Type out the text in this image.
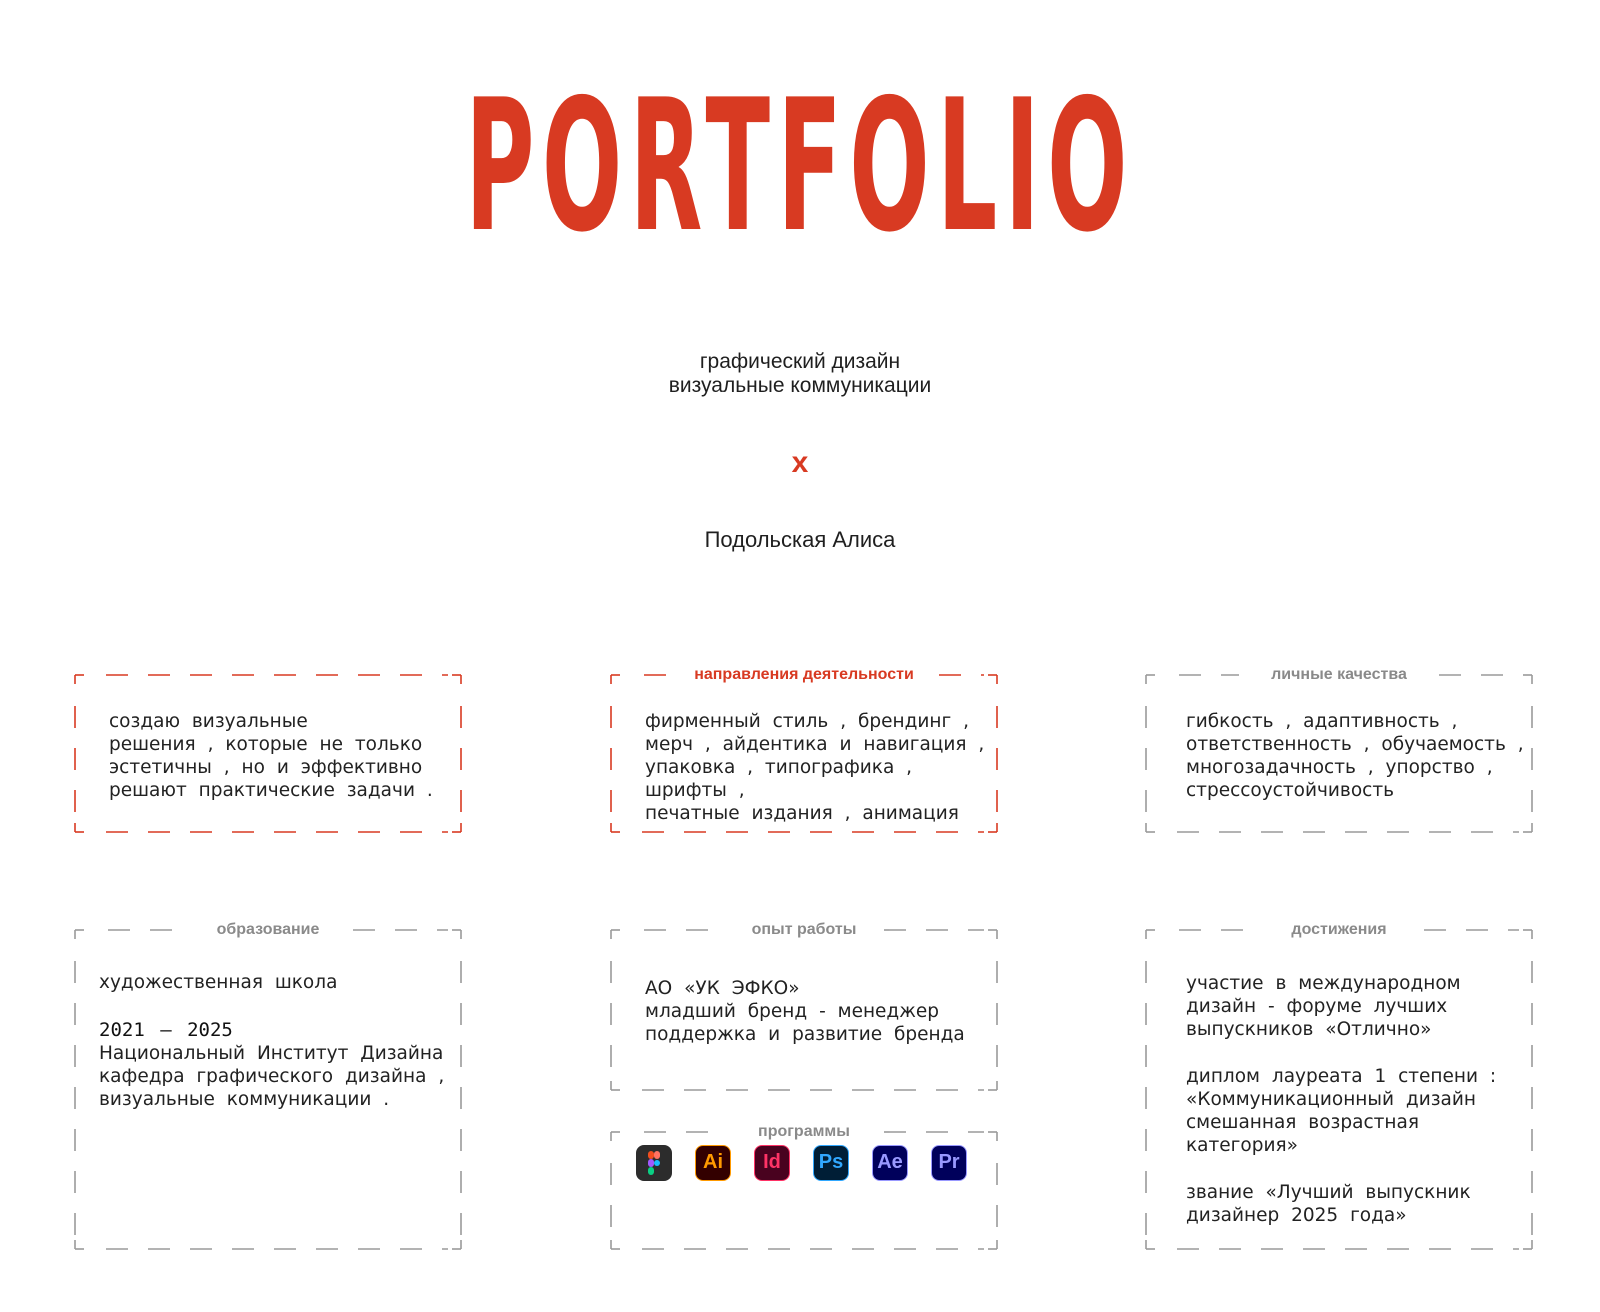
PORTFOLIO
графический дизайн
визуальные коммуникации
x
Подольская Алиса

создаю визуальные
решения , которые не только
эстетичны , но и эффективно
решают практические задачи .

направления деятельности

фирменный стиль , брендинг ,
мерч , айдентика и навигация ,
упаковка , типографика , шрифты ,
печатные издания , анимация

личные качества

гибкость , адаптивность ,
ответственность , обучаемость ,
многозадачность , упорство ,
стрессоустойчивость

образование
художественная школа
2021 — 2025

Национальный Институт Дизайна
кафедра графического дизайна ,
визуальные коммуникации .

опыт работы

АО «УК ЭФКО»
младший бренд - менеджер
поддержка и развитие бренда

программы
Ai	Id	Ps Ae	Pr
достижения
участие в международном
дизайн - форуме лучших
выпускников «Отлично»
диплом лауреата 1 степени :
«Коммуникационный дизайн
смешанная возрастная
категория»
звание «Лучший выпускник
дизайнер 2025 года»
